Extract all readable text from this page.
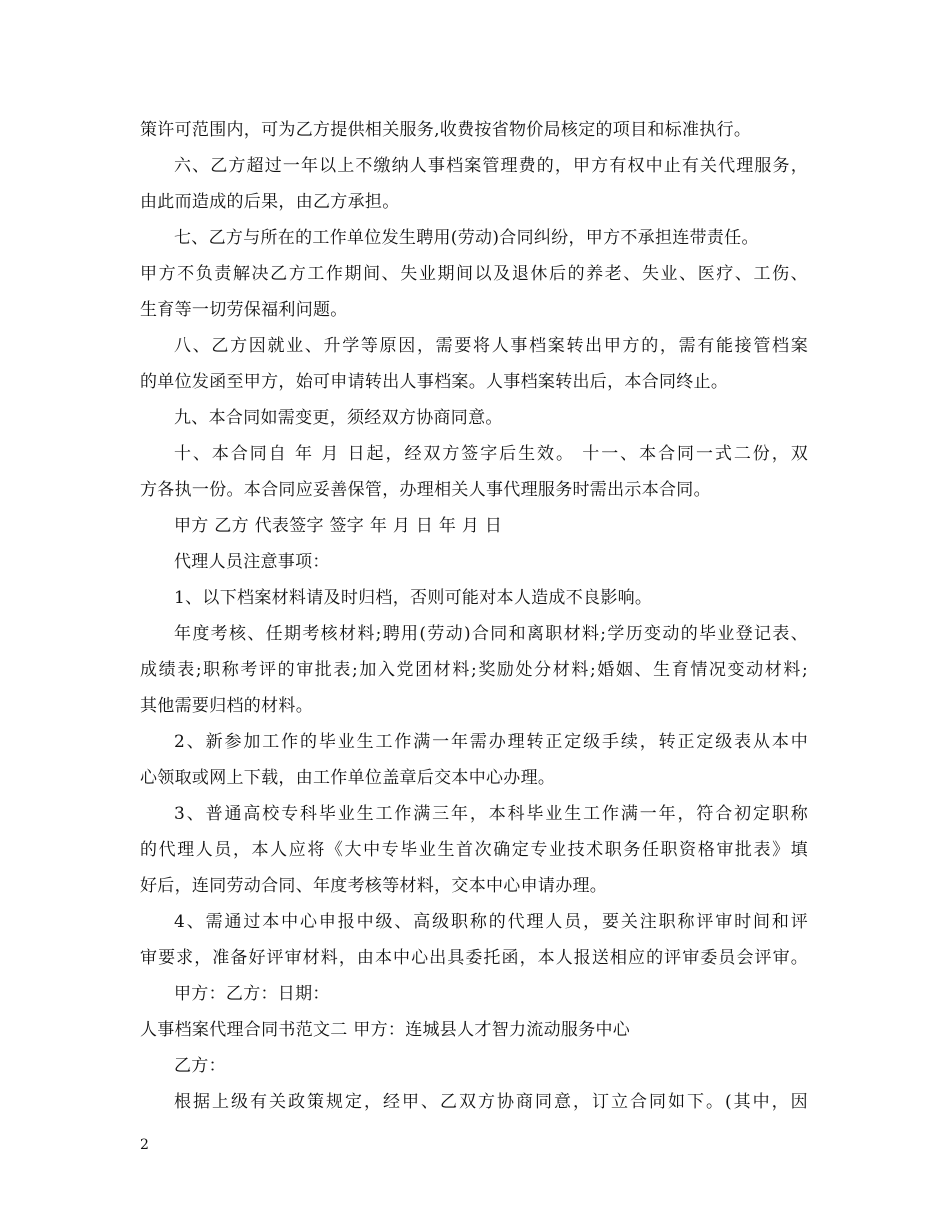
策许可范围内，可为乙方提供相关服务,收费按省物价局核定的项目和标准执行。
六、乙方超过一年以上不缴纳人事档案管理费的，甲方有权中止有关代理服务，
由此而造成的后果，由乙方承担。
七、乙方与所在的工作单位发生聘用(劳动)合同纠纷，甲方不承担连带责任。
甲方不负责解决乙方工作期间、失业期间以及退休后的养老、失业、医疗、工伤、
生育等一切劳保福利问题。
八、乙方因就业、升学等原因，需要将人事档案转出甲方的，需有能接管档案
的单位发函至甲方，始可申请转出人事档案。人事档案转出后，本合同终止。
九、本合同如需变更，须经双方协商同意。
十、本合同自 年 月 日起，经双方签字后生效。 十一、本合同一式二份，双
方各执一份。本合同应妥善保管，办理相关人事代理服务时需出示本合同。
甲方 乙方 代表签字 签字 年 月 日 年 月 日
代理人员注意事项：
1、以下档案材料请及时归档，否则可能对本人造成不良影响。
年度考核、任期考核材料;聘用(劳动)合同和离职材料;学历变动的毕业登记表、
成绩表;职称考评的审批表;加入党团材料;奖励处分材料;婚姻、生育情况变动材料;
其他需要归档的材料。
2、新参加工作的毕业生工作满一年需办理转正定级手续，转正定级表从本中
心领取或网上下载，由工作单位盖章后交本中心办理。
3、普通高校专科毕业生工作满三年，本科毕业生工作满一年，符合初定职称
的代理人员，本人应将《大中专毕业生首次确定专业技术职务任职资格审批表》填
好后，连同劳动合同、年度考核等材料，交本中心申请办理。
4、需通过本中心申报中级、高级职称的代理人员，要关注职称评审时间和评
审要求，准备好评审材料，由本中心出具委托函，本人报送相应的评审委员会评审。
甲方：乙方：日期：
人事档案代理合同书范文二 甲方：连城县人才智力流动服务中心
乙方：
根据上级有关政策规定，经甲、乙双方协商同意，订立合同如下。(其中，因
2
